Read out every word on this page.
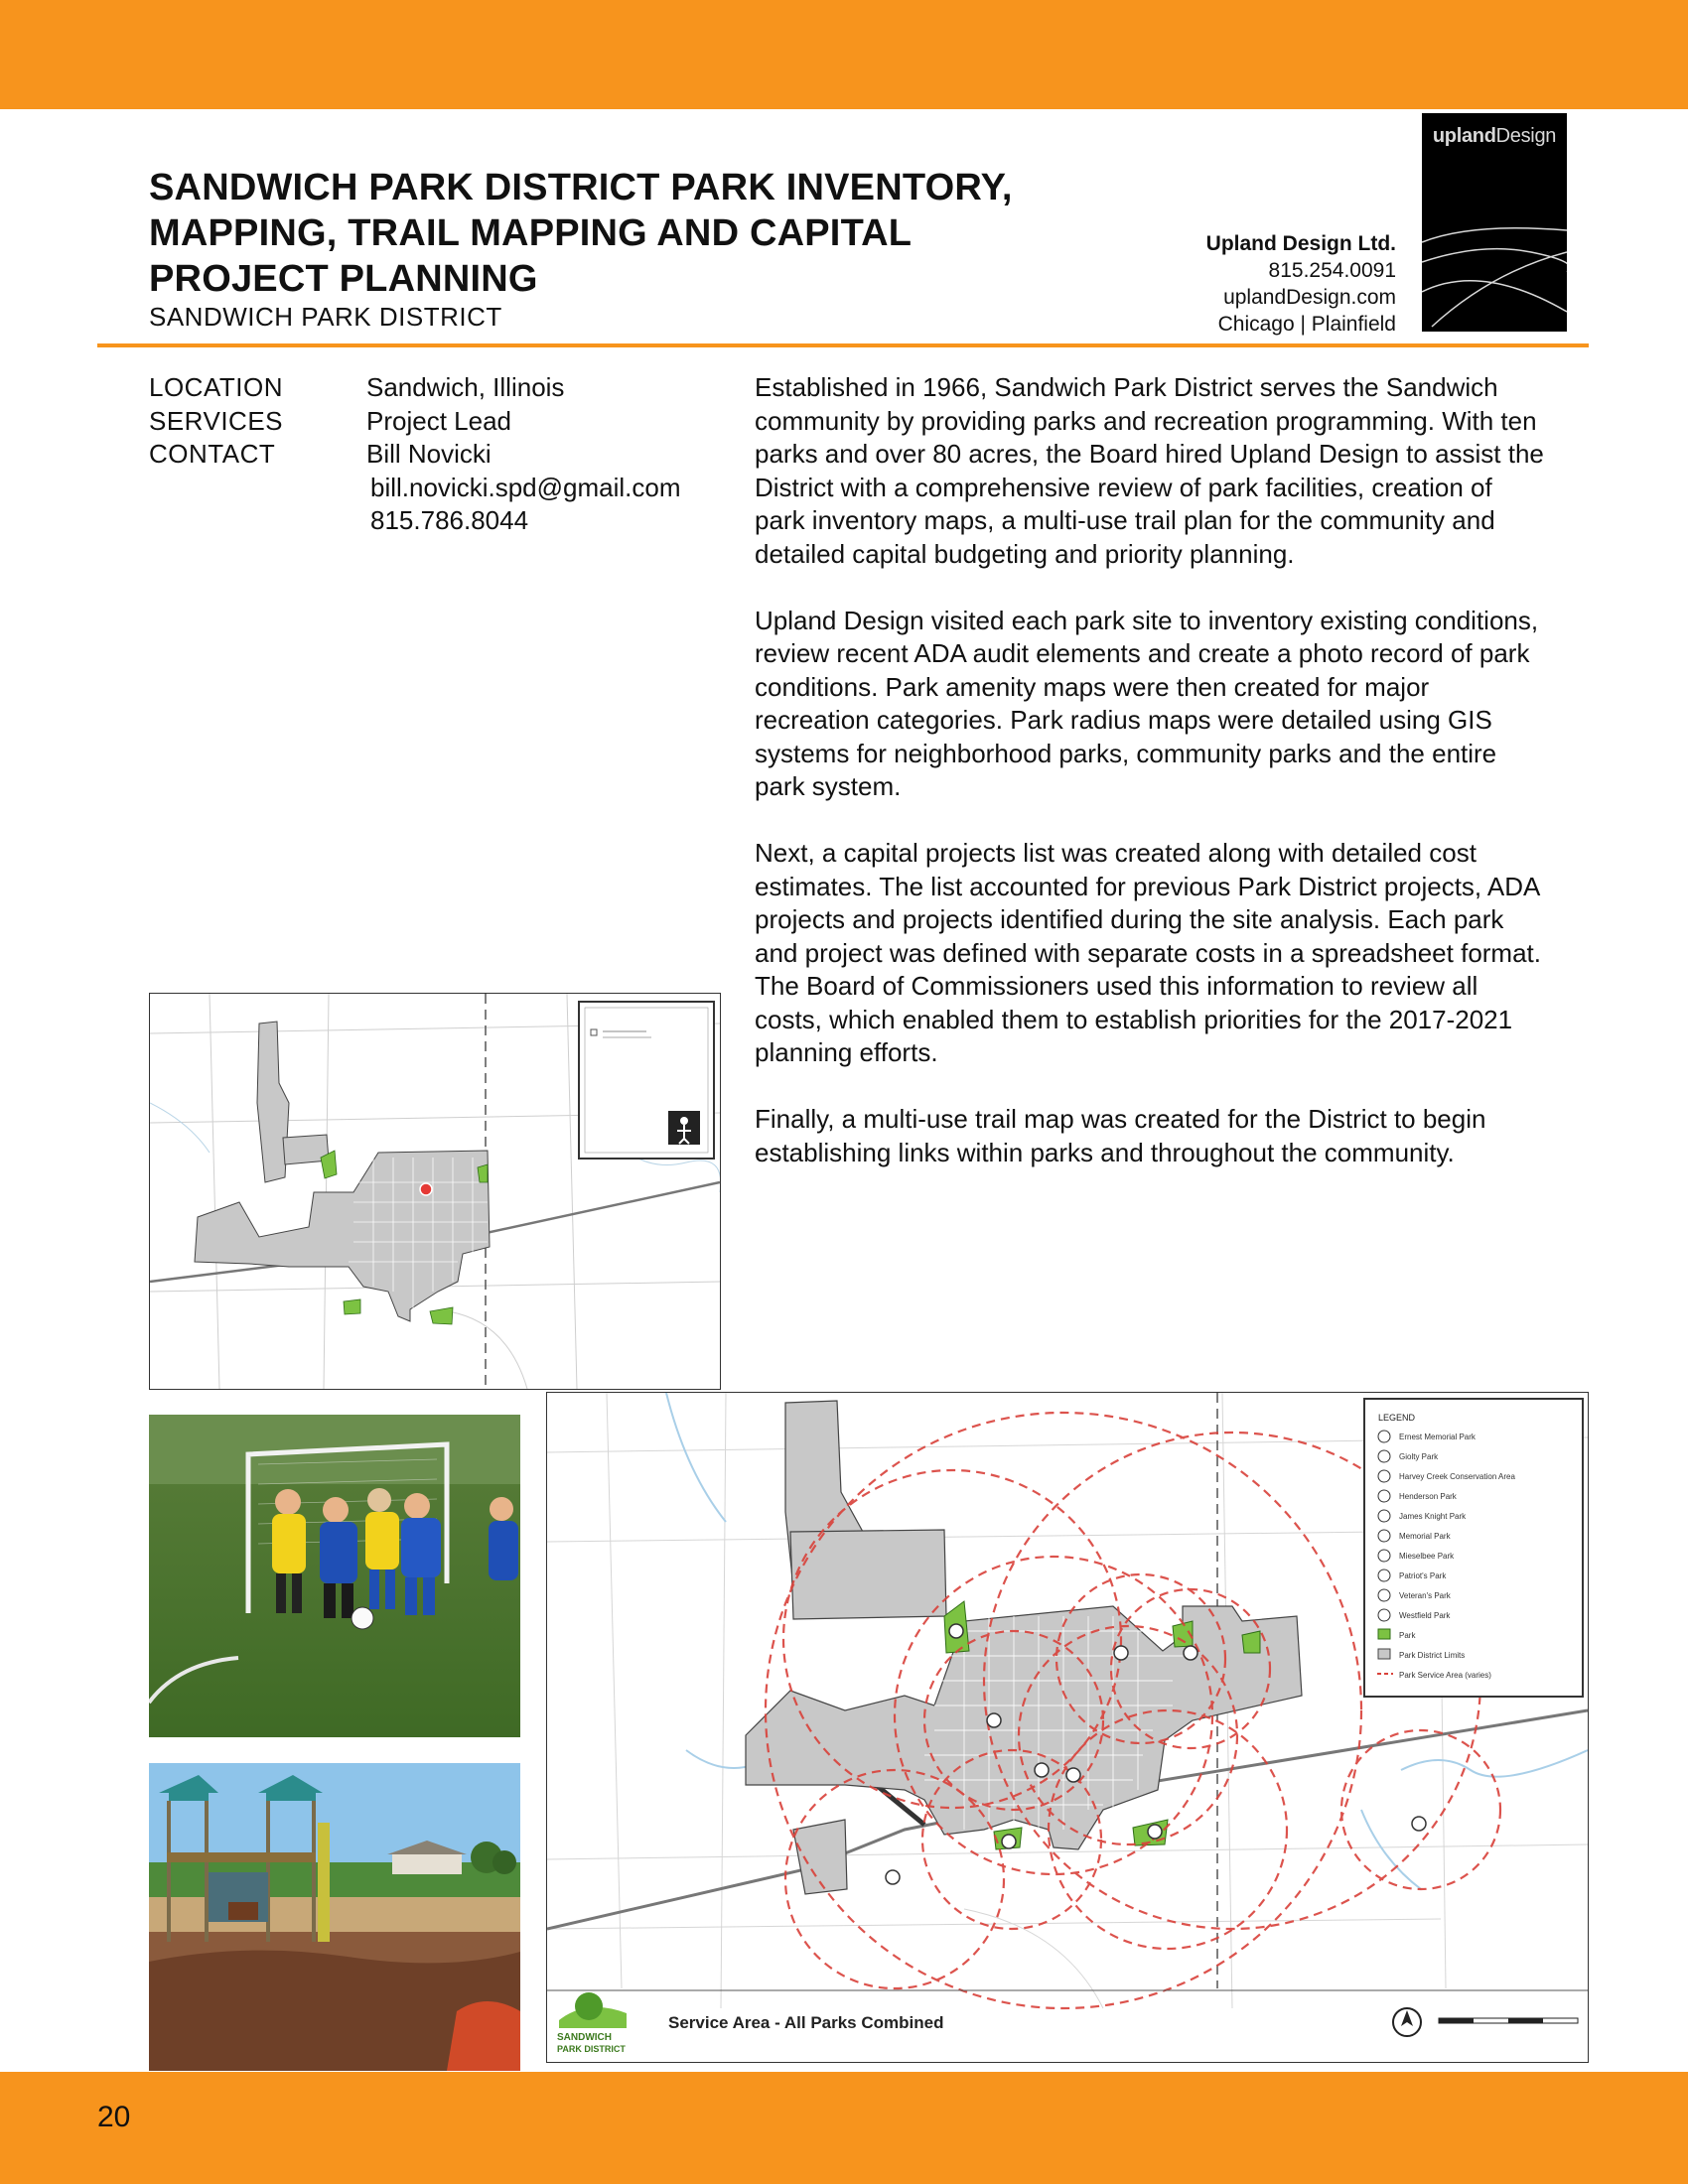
SANDWICH PARK DISTRICT PARK INVENTORY,
MAPPING, TRAIL MAPPING AND CAPITAL
PROJECT PLANNING
SANDWICH PARK DISTRICT
Upland Design Ltd.
815.254.0091
uplandDesign.com
Chicago | Plainfield
uplandDesign
LOCATION	Sandwich, Illinois
SERVICES	Project Lead
CONTACT	Bill Novicki
bill.novicki.spd@gmail.com
815.786.8044

Established in 1966, Sandwich Park District serves the Sandwich community by providing parks and recreation programming. With ten parks and over 80 acres, the Board hired Upland Design to assist the District with a comprehensive review of park facilities, creation of park inventory maps, a multi-use trail plan for the community and detailed capital budgeting and priority planning.

Upland Design visited each park site to inventory existing conditions, review recent ADA audit elements and create a photo record of park conditions. Park amenity maps were then created for major recreation categories. Park radius maps were detailed using GIS systems for neighborhood parks, community parks and the entire park system.

Next, a capital projects list was created along with detailed cost estimates. The list accounted for previous Park District projects, ADA projects and projects identified during the site analysis. Each park and project was defined with separate costs in a spreadsheet format. The Board of Commissioners used this information to review all costs, which enabled them to establish priorities for the 2017-2021 planning efforts.

Finally, a multi-use trail map was created for the District to begin establishing links within parks and throughout the community.

LEGEND
Ernest Memorial Park
Giolty Park
Harvey Creek Conservation Area
Henderson Park
James Knight Park
Memorial Park
Mieselbee Park
Patriot's Park
Veteran's Park
Westfield Park
Park
Park District Limits
Park Service Area (varies)
SANDWICH
PARK DISTRICT
Service Area - All Parks Combined
20
